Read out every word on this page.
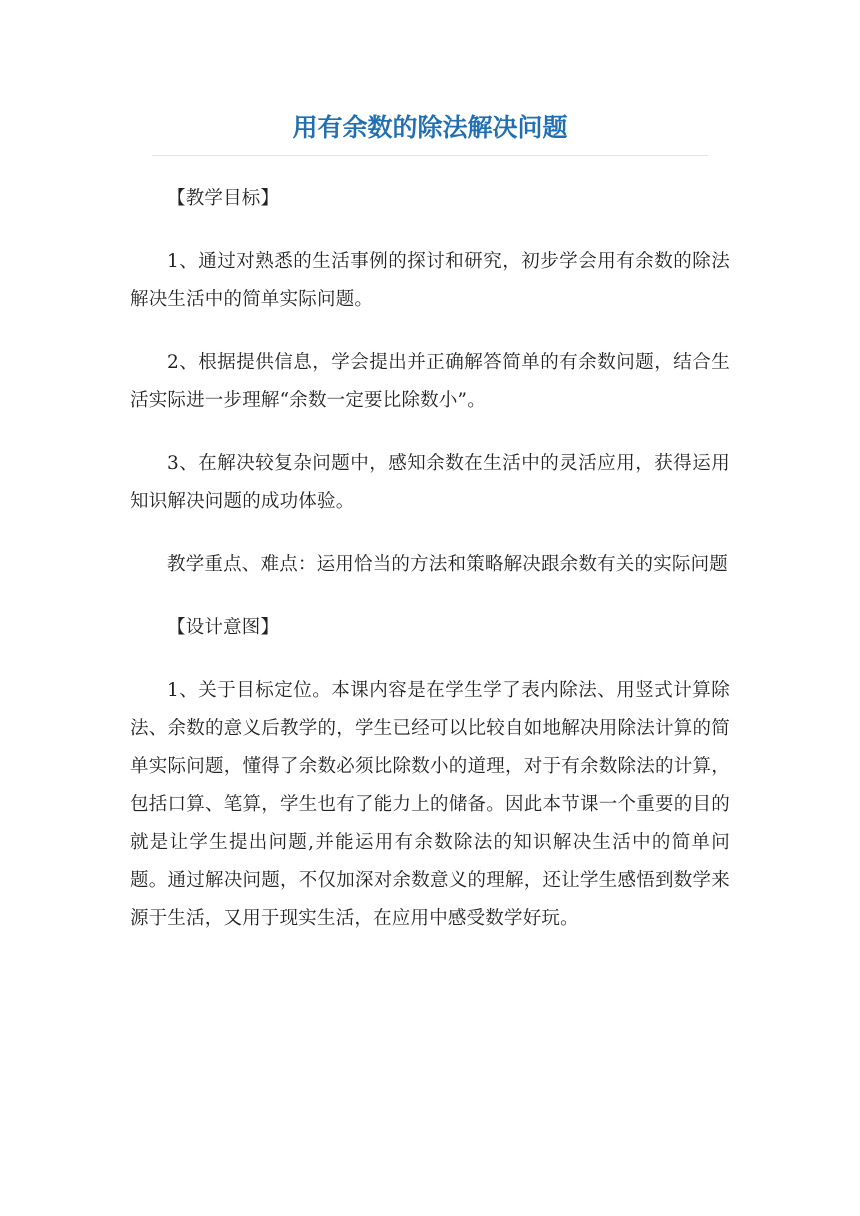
用有余数的除法解决问题

【教学目标】

1、通过对熟悉的生活事例的探讨和研究，初步学会用有余数的除法解决生活中的简单实际问题。

2、根据提供信息，学会提出并正确解答简单的有余数问题，结合生活实际进一步理解“余数一定要比除数小”。

3、在解决较复杂问题中，感知余数在生活中的灵活应用，获得运用知识解决问题的成功体验。

教学重点、难点：运用恰当的方法和策略解决跟余数有关的实际问题

【设计意图】

1、关于目标定位。本课内容是在学生学了表内除法、用竖式计算除法、余数的意义后教学的，学生已经可以比较自如地解决用除法计算的简单实际问题，懂得了余数必须比除数小的道理，对于有余数除法的计算，包括口算、笔算，学生也有了能力上的储备。因此本节课一个重要的目的就是让学生提出问题,并能运用有余数除法的知识解决生活中的简单问题。通过解决问题，不仅加深对余数意义的理解，还让学生感悟到数学来源于生活，又用于现实生活，在应用中感受数学好玩。
